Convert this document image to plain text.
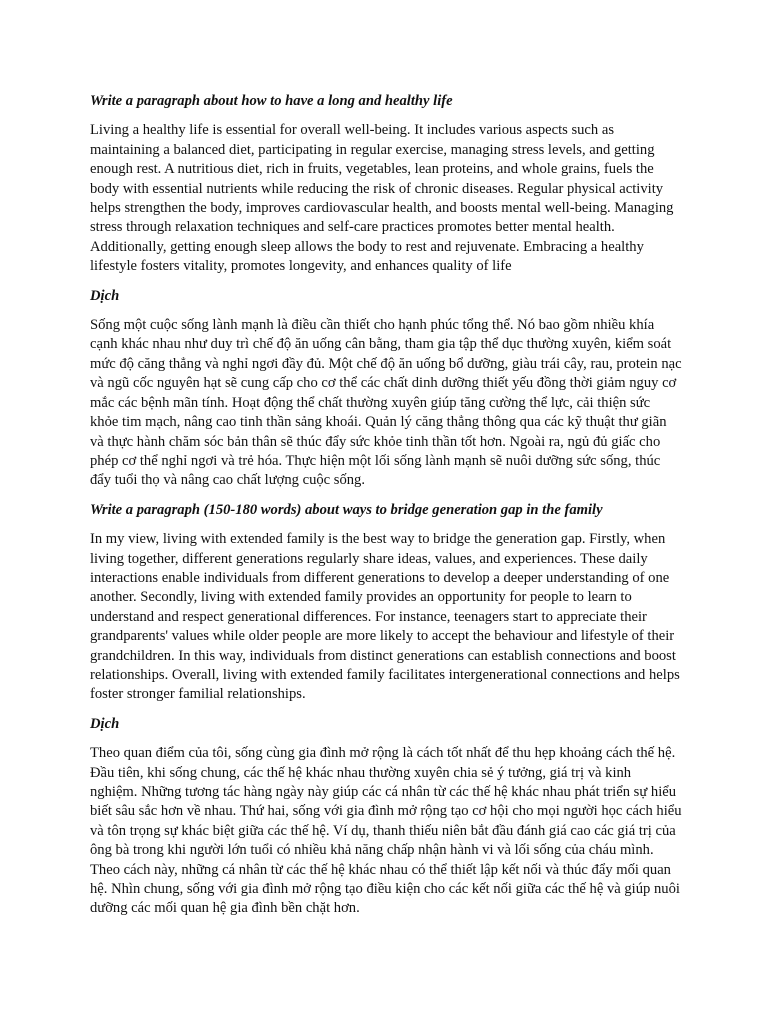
Write a paragraph about how to have a long and healthy life

Living a healthy life is essential for overall well-being. It includes various aspects such as maintaining a balanced diet, participating in regular exercise, managing stress levels, and getting enough rest. A nutritious diet, rich in fruits, vegetables, lean proteins, and whole grains, fuels the body with essential nutrients while reducing the risk of chronic diseases. Regular physical activity helps strengthen the body, improves cardiovascular health, and boosts mental well-being. Managing stress through relaxation techniques and self-care practices promotes better mental health. Additionally, getting enough sleep allows the body to rest and rejuvenate. Embracing a healthy lifestyle fosters vitality, promotes longevity, and enhances quality of life

Dịch

Sống một cuộc sống lành mạnh là điều cần thiết cho hạnh phúc tổng thể. Nó bao gồm nhiều khía cạnh khác nhau như duy trì chế độ ăn uống cân bằng, tham gia tập thể dục thường xuyên, kiểm soát mức độ căng thẳng và nghỉ ngơi đầy đủ. Một chế độ ăn uống bổ dưỡng, giàu trái cây, rau, protein nạc và ngũ cốc nguyên hạt sẽ cung cấp cho cơ thể các chất dinh dưỡng thiết yếu đồng thời giảm nguy cơ mắc các bệnh mãn tính. Hoạt động thể chất thường xuyên giúp tăng cường thể lực, cải thiện sức khỏe tim mạch, nâng cao tinh thần sảng khoái. Quản lý căng thẳng thông qua các kỹ thuật thư giãn và thực hành chăm sóc bản thân sẽ thúc đẩy sức khỏe tinh thần tốt hơn. Ngoài ra, ngủ đủ giấc cho phép cơ thể nghỉ ngơi và trẻ hóa. Thực hiện một lối sống lành mạnh sẽ nuôi dưỡng sức sống, thúc đẩy tuổi thọ và nâng cao chất lượng cuộc sống.

Write a paragraph (150-180 words) about ways to bridge generation gap in the family

In my view, living with extended family is the best way to bridge the generation gap. Firstly, when living together, different generations regularly share ideas, values, and experiences. These daily interactions enable individuals from different generations to develop a deeper understanding of one another. Secondly, living with extended family provides an opportunity for people to learn to understand and respect generational differences. For instance, teenagers start to appreciate their grandparents' values while older people are more likely to accept the behaviour and lifestyle of their grandchildren. In this way, individuals from distinct generations can establish connections and boost relationships. Overall, living with extended family facilitates intergenerational connections and helps foster stronger familial relationships.

Dịch

Theo quan điểm của tôi, sống cùng gia đình mở rộng là cách tốt nhất để thu hẹp khoảng cách thế hệ. Đầu tiên, khi sống chung, các thế hệ khác nhau thường xuyên chia sẻ ý tưởng, giá trị và kinh nghiệm. Những tương tác hàng ngày này giúp các cá nhân từ các thế hệ khác nhau phát triển sự hiểu biết sâu sắc hơn về nhau. Thứ hai, sống với gia đình mở rộng tạo cơ hội cho mọi người học cách hiểu và tôn trọng sự khác biệt giữa các thế hệ. Ví dụ, thanh thiếu niên bắt đầu đánh giá cao các giá trị của ông bà trong khi người lớn tuổi có nhiều khả năng chấp nhận hành vi và lối sống của cháu mình. Theo cách này, những cá nhân từ các thế hệ khác nhau có thể thiết lập kết nối và thúc đẩy mối quan hệ. Nhìn chung, sống với gia đình mở rộng tạo điều kiện cho các kết nối giữa các thế hệ và giúp nuôi dưỡng các mối quan hệ gia đình bền chặt hơn.
